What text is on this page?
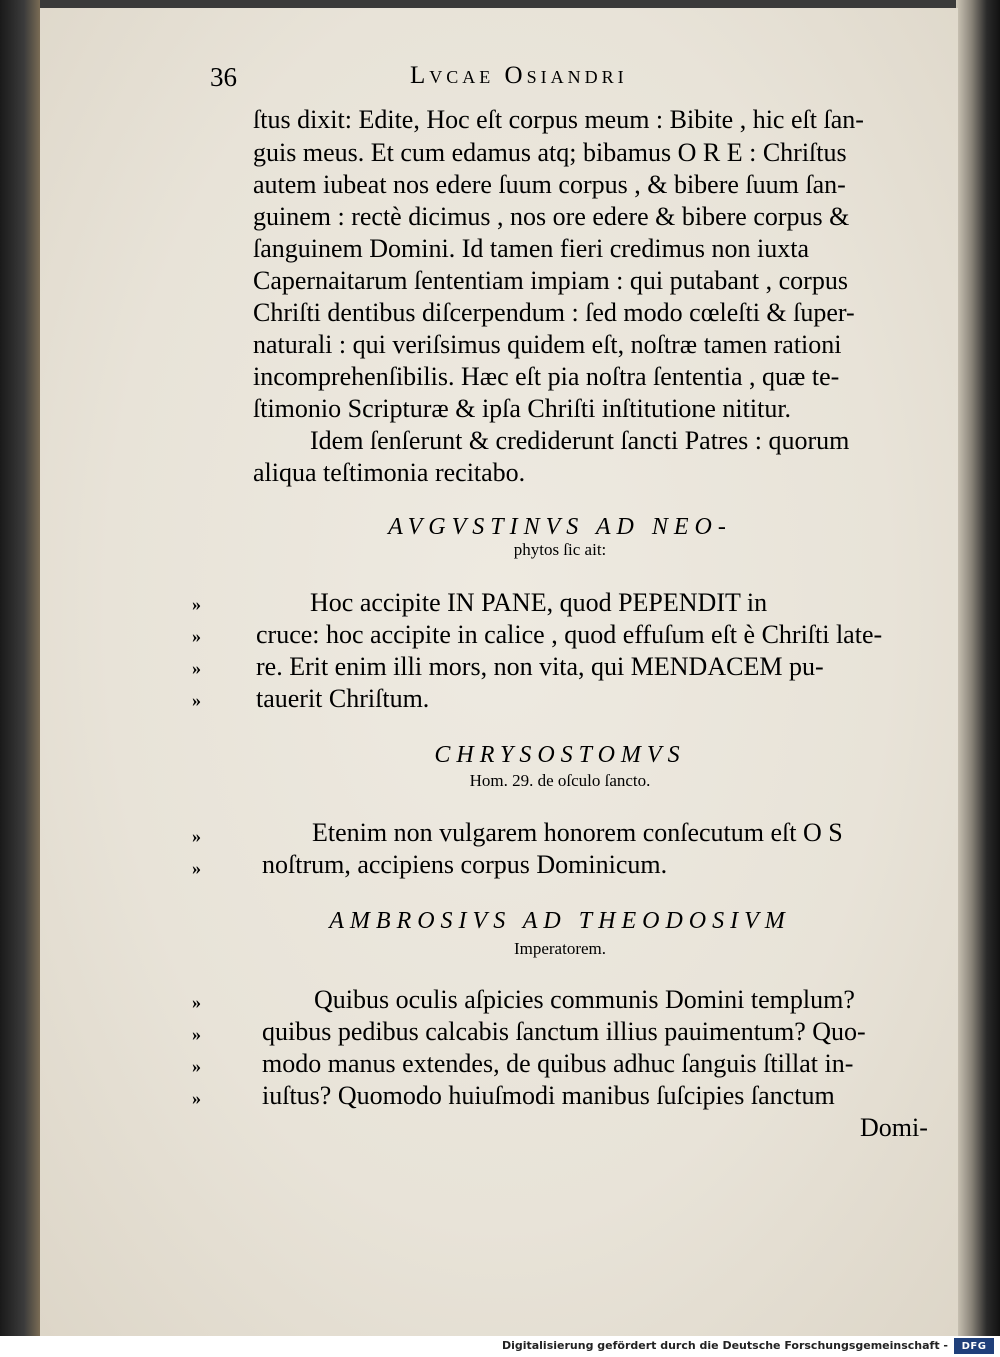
36	Lvcae Osiandri
ſtus dixit: Edite, Hoc eſt corpus meum : Bibite , hic eſt ſan-
guis meus. Et cum edamus atq; bibamus O R E : Chriſtus
autem iubeat nos edere ſuum corpus , & bibere ſuum ſan-
guinem : rectè dicimus , nos ore edere & bibere corpus &
ſanguinem Domini. Id tamen fieri credimus non iuxta
Capernaitarum ſententiam impiam : qui putabant , corpus
Chriſti dentibus diſcerpendum : ſed modo cœleſti & ſuper-
naturali : qui veriſsimus quidem eſt, noſtræ tamen rationi
incomprehenſibilis. Hæc eſt pia noſtra ſententia , quæ te-
ſtimonio Scripturæ & ipſa Chriſti inſtitutione nititur.
Idem ſenſerunt & crediderunt ſancti Patres : quorum
aliqua teſtimonia recitabo.
AVGVSTINVS AD NEO-
phytos ſic ait:
»
»
»
»
Hoc accipite IN PANE, quod PEPENDIT in
cruce: hoc accipite in calice , quod effuſum eſt è Chriſti late-
re. Erit enim illi mors, non vita, qui MENDACEM pu-
tauerit Chriſtum.
CHRYSOSTOMVS
Hom. 29. de oſculo ſancto.
»
»
Etenim non vulgarem honorem conſecutum eſt O S
noſtrum, accipiens corpus Dominicum.
AMBROSIVS AD THEODOSIVM
Imperatorem.
»
»
»
»
Quibus oculis aſpicies communis Domini templum?
quibus pedibus calcabis ſanctum illius pauimentum? Quo-
modo manus extendes, de quibus adhuc ſanguis ſtillat in-
iuſtus? Quomodo huiuſmodi manibus ſuſcipies ſanctum
Domi-
Digitalisierung gefördert durch die Deutsche Forschungsgemeinschaft -	DFG
